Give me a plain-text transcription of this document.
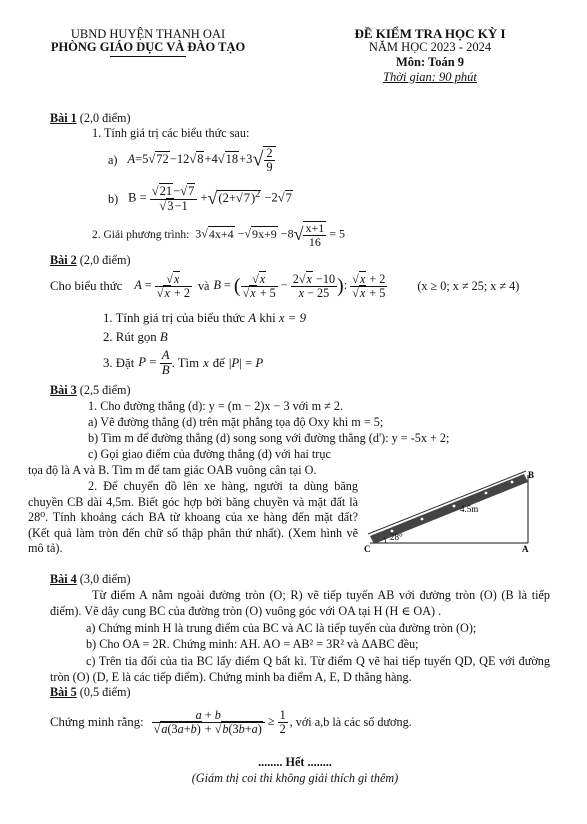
UBND HUYỆN THANH OAI
PHÒNG GIÁO DỤC VÀ ĐÀO TẠO
ĐỀ KIỂM TRA HỌC KỲ I
NĂM HỌC 2023 - 2024
Môn: Toán 9
Thời gian: 90 phút
Bài 1 (2,0 điểm)
1. Tính giá trị các biểu thức sau:
a) $A=5√72-12√8+4√18+3√ \frac{2}{9}$
b) $B = \frac{√21-√7}{√3-1} +√(2+√7)^2 -2√7$
2. Giải phương trình: $3√4x+4 -√9x+9 -8√ \frac{x+1}{16} = 5$
Bài 2 (2,0 điểm)
Cho biểu thức $A = \frac{√x}{√x + 2}$ và B = ( $\frac{√x}{√x + 5} - \frac{2√x -10}{x - 25}$ ): $\frac{√x + 2}{√x + 5} (x \ge 0$; x ≠ 25; x ≠ 4)
1. Tính giá trị của biểu thức A khi x = 9
2. Rút gọn B
3. Đặt $P = \frac{A}{B}$ . Tìm x để |P| = P
Bài 3 (2,5 điểm)
1. Cho đường thẳng (d): y = (m − 2)x − 3 với m ≠ 2.
a) Vẽ đường thẳng (d) trên mặt phẳng tọa độ Oxy khi m = 5;
b) Tìm m để đường thẳng (d) song song với đường thẳng (d'): y = -5x + 2;
c) Gọi giao điểm của đường thẳng (d) với hai trục
tọa độ là A và B. Tìm m để tam giác OAB vuông cân tại O.
2. Để chuyển đồ lên xe hàng, người ta dùng băng chuyền CB dài 4,5m. Biết góc hợp bởi băng chuyền và mặt đất là 28⁰. Tính khoảng cách BA từ khoang của xe hàng đến mặt đất? (Kết quả làm tròn đến chữ số thập phân thứ nhất). (Xem hình vẽ mô tả).
B
4.5m
28°
C	A
Bài 4 (3,0 điểm)
Từ điểm A nằm ngoài đường tròn (O; R) vẽ tiếp tuyến AB với đường tròn (O) (B là tiếp điểm). Vẽ dây cung BC của đường tròn (O) vuông góc với OA tại H (H ∈ OA) .
a) Chứng minh H là trung điểm của BC và AC là tiếp tuyến của đường tròn (O);
b) Cho OA = 2R. Chứng minh: AH. AO = AB² = 3R² và ΔABC đều;
c) Trên tia đối của tia BC lấy điểm Q bất kì. Từ điểm Q vẽ hai tiếp tuyến QD, QE với đường tròn (O) (D, E là các tiếp điểm). Chứng minh ba điểm A, E, D thẳng hàng.
Bài 5 (0,5 điểm)
Chứng minh rằng: $\frac{a + b}{√a(3a+b) + √b(3b+a)} \ge \frac{1}{2}$ , với a,b là các số dương.
........ Hết ........
(Giám thị coi thi không giải thích gì thêm)
